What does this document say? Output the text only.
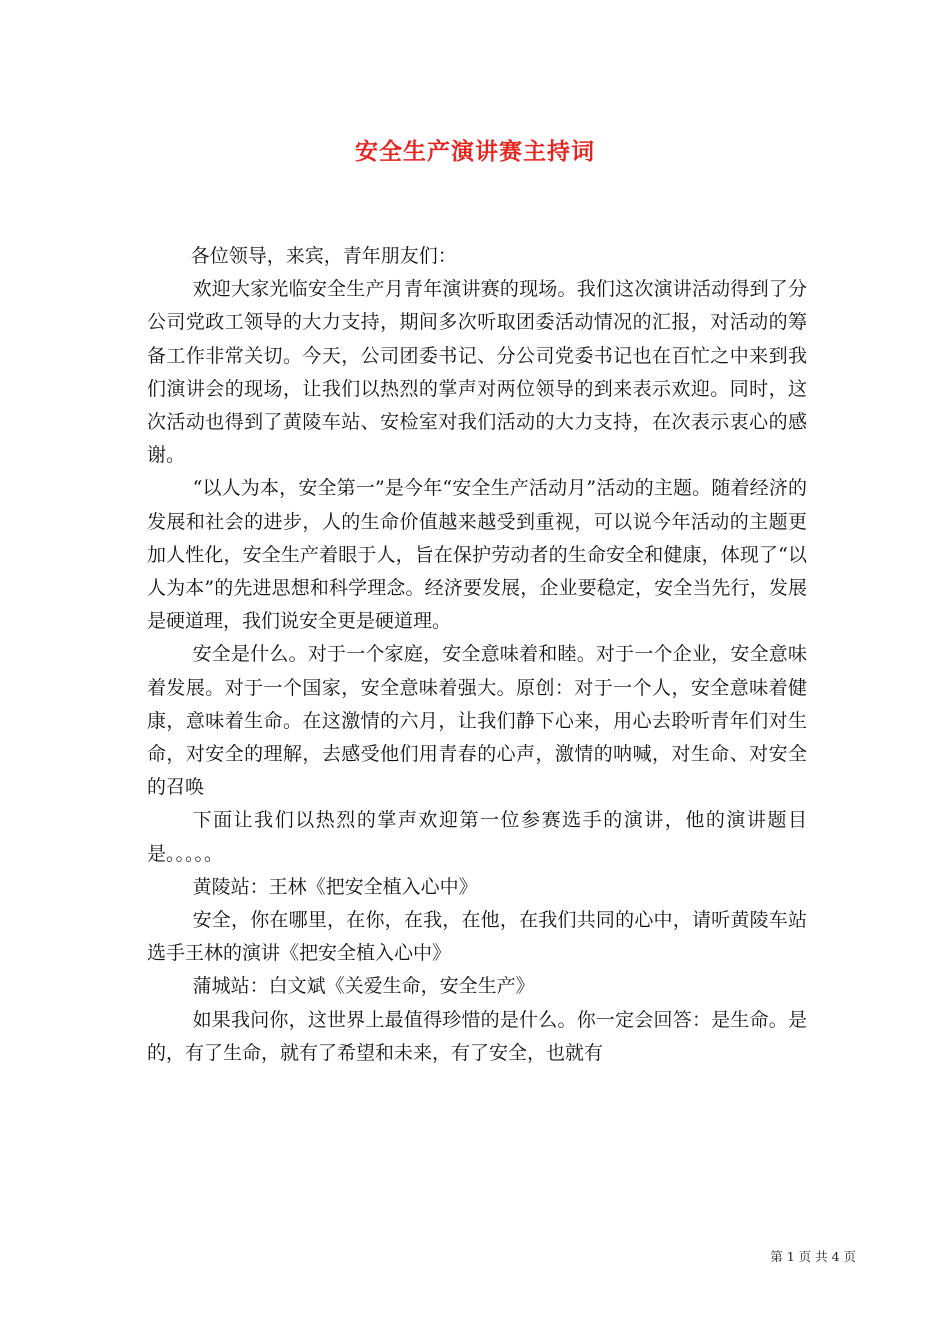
安全生产演讲赛主持词

各位领导，来宾，青年朋友们：

欢迎大家光临安全生产月青年演讲赛的现场。我们这次演讲活动得到了分公司党政工领导的大力支持，期间多次听取团委活动情况的汇报，对活动的筹备工作非常关切。今天，公司团委书记、分公司党委书记也在百忙之中来到我们演讲会的现场，让我们以热烈的掌声对两位领导的到来表示欢迎。同时，这次活动也得到了黄陵车站、安检室对我们活动的大力支持，在次表示衷心的感谢。

“以人为本，安全第一”是今年“安全生产活动月”活动的主题。随着经济的发展和社会的进步，人的生命价值越来越受到重视，可以说今年活动的主题更加人性化，安全生产着眼于人，旨在保护劳动者的生命安全和健康，体现了“以人为本”的先进思想和科学理念。经济要发展，企业要稳定，安全当先行，发展是硬道理，我们说安全更是硬道理。

安全是什么。对于一个家庭，安全意味着和睦。对于一个企业，安全意味着发展。对于一个国家，安全意味着强大。原创：对于一个人，安全意味着健康，意味着生命。在这激情的六月，让我们静下心来，用心去聆听青年们对生命，对安全的理解，去感受他们用青春的心声，激情的呐喊，对生命、对安全的召唤

下面让我们以热烈的掌声欢迎第一位参赛选手的演讲，他的演讲题目是。。。。。

黄陵站：王林《把安全植入心中》

安全，你在哪里，在你，在我，在他，在我们共同的心中，请听黄陵车站选手王林的演讲《把安全植入心中》

蒲城站：白文斌《关爱生命，安全生产》

如果我问你，这世界上最值得珍惜的是什么。你一定会回答：是生命。是的，有了生命，就有了希望和未来，有了安全，也就有

第 1 页 共 4 页
